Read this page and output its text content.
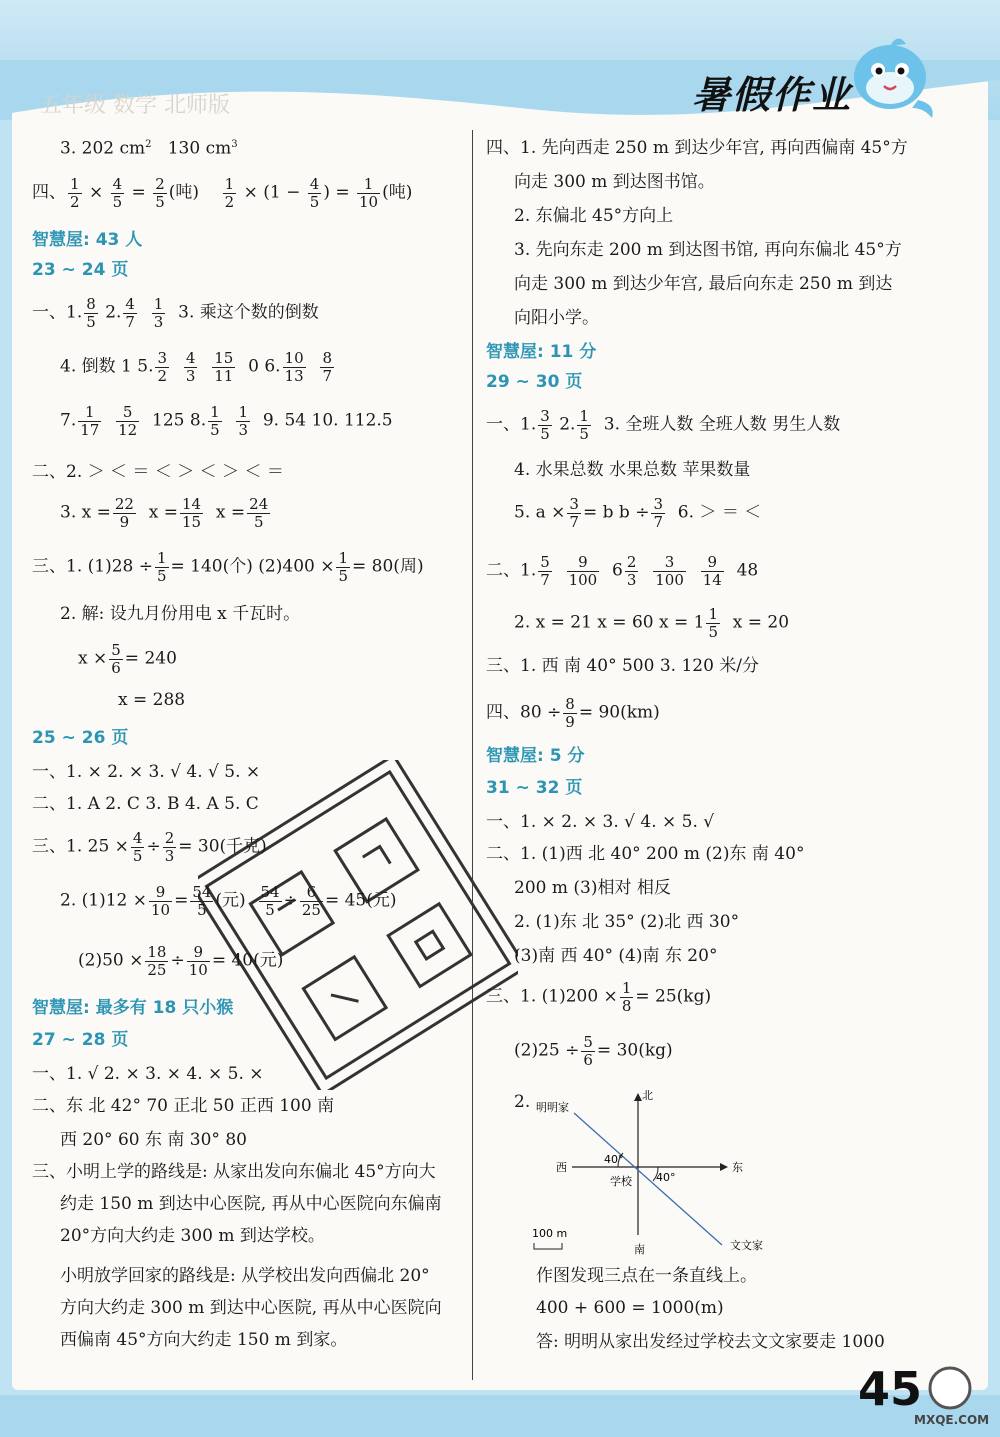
五年级 数学 北师版	暑假作业
3. 202 $cm^2$ 130 $cm^3$
四、 $\frac{1}{2} \times \frac{4}{5} = \frac{2}{5}$ (吨) $\frac{1}{2} \times (1 - \frac{4}{5}$ ) = $\frac{1}{10}$ (吨)
智慧屋: 43 人
23 ~ 24 页
一、1. $\frac{8}{5} 2$. $\frac{4}{7}$
$\frac{1}{3} 3$. 乘这个数的倒数
4. 倒数 1 5. $\frac{3}{2}$
$\frac{4}{3}$
$\frac{15}{11} 0$ 6. $\frac{10}{13}$
$\frac{8}{7}$
7. $\frac{1}{17}$
$\frac{5}{12} 125$ 8. $\frac{1}{5}$
$\frac{1}{3} 9$. 54 10. 112.5
二、2. ＞ ＜ ＝ ＜ ＞ ＜ ＞ ＜ ＝
3. $x = \frac{22}{9}$ $x = \frac{14}{15}$ $x = \frac{24}{5}$
三、1. $(1)28 \div \frac{1}{5} = 140$(个) $(2)400 \times \frac{1}{5} = 80$(周)
2. 解: 设九月份用电 x 千瓦时。
$x \times \frac{5}{6} = 240$
x = 288
25 ~ 26 页
一、1. × 2. × 3. √ 4. √ 5. ×
二、1. A 2. C 3. B 4. A 5. C
三、1. $25 \times \frac{4}{5} \div \frac{2}{3} = 30$(千克)
2. $(1)12 \times \frac{9}{10} = \frac{54}{5}$ (元) $\frac{54}{5} \div \frac{6}{25} = 45$(元)
$(2)50 \times \frac{18}{25} \div \frac{9}{10} = 40$(元)
智慧屋: 最多有 18 只小猴
27 ~ 28 页
一、1. √ 2. × 3. × 4. × 5. ×
二、东 北 42° 70 正北 50 正西 100 南
西 20° 60 东 南 30° 80
三、小明上学的路线是: 从家出发向东偏北 45°方向大
约走 150 m 到达中心医院, 再从中心医院向东偏南
20°方向大约走 300 m 到达学校。
小明放学回家的路线是: 从学校出发向西偏北 20°
方向大约走 300 m 到达中心医院, 再从中心医院向
西偏南 45°方向大约走 150 m 到家。
四、1. 先向西走 250 m 到达少年宫, 再向西偏南 45°方
向走 300 m 到达图书馆。
2. 东偏北 45°方向上
3. 先向东走 200 m 到达图书馆, 再向东偏北 45°方
向走 300 m 到达少年宫, 最后向东走 250 m 到达
向阳小学。
智慧屋: 11 分
29 ~ 30 页
一、1. $\frac{3}{5} 2$. $\frac{1}{5} 3$. 全班人数 全班人数 男生人数
4. 水果总数 水果总数 苹果数量
5. $a \times \frac{3}{7} = b$ $b \div \frac{3}{7} 6$. ＞ ＝ ＜
二、1. $\frac{5}{7}$
$\frac{9}{100} 6 \frac{2}{3}$
$\frac{3}{100}$
$\frac{9}{14} 48$
2. x = 21 x = 60 $x = 1 \frac{1}{5}$ x = 20
三、1. 西 南 40° 500 3. 120 米/分
四、$80 \div \frac{8}{9} = 90(km)$
智慧屋: 5 分
31 ~ 32 页
一、1. × 2. × 3. √ 4. × 5. √
二、1. (1)西 北 40° 200 m (2)东 南 40°
200 m (3)相对 相反
2. (1)东 北 35° (2)北 西 30°
(3)南 西 40° (4)南 东 20°
三、1. $(1)200 \times \frac{1}{8} = 25(kg)$
$(2)25 \div \frac{5}{6} = 30(kg)$
2.
作图发现三点在一条直线上。
400 + 600 = 1000(m)
答: 明明从家出发经过学校去文文家要走 1000
北
南
东
西
明明家
学校
文文家
40°
40°
100 m
45
MXQE.COM
